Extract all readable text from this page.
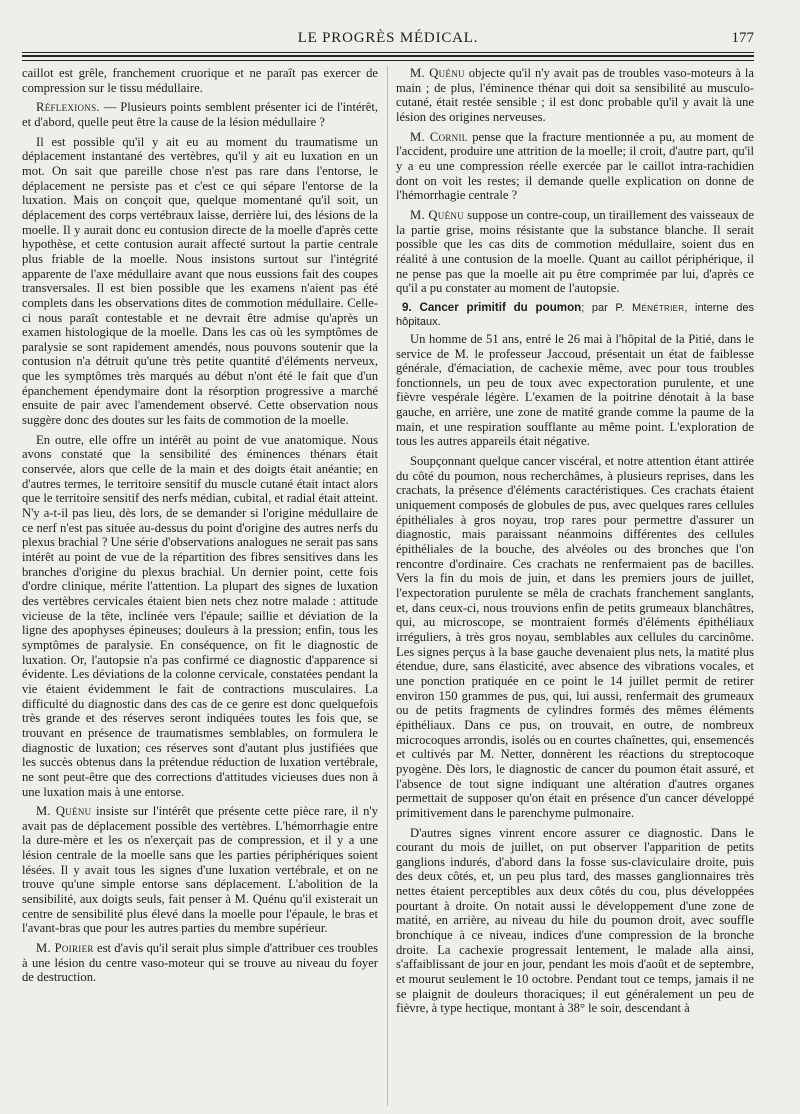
LE PROGRÈS MÉDICAL.	177

caillot est grêle, franchement cruorique et ne paraît pas exercer de compression sur le tissu médullaire.

Réflexions. — Plusieurs points semblent présenter ici de l'intérêt, et d'abord, quelle peut être la cause de la lésion médullaire ?

Il est possible qu'il y ait eu au moment du traumatisme un déplacement instantané des vertèbres, qu'il y ait eu luxation en un mot. On sait que pareille chose n'est pas rare dans l'entorse, le déplacement ne persiste pas et c'est ce qui sépare l'entorse de la luxation. Mais on conçoit que, quelque momentané qu'il soit, un déplacement des corps vertébraux laisse, derrière lui, des lésions de la moelle. Il y aurait donc eu contusion directe de la moelle d'après cette hypothèse, et cette contusion aurait affecté surtout la partie centrale plus friable de la moelle. Nous insistons surtout sur l'intégrité apparente de l'axe médullaire avant que nous eussions fait des coupes transversales. Il est bien possible que les examens n'aient pas été complets dans les observations dites de commotion médullaire. Celle-ci nous paraît contestable et ne devrait être admise qu'après un examen histologique de la moelle. Dans les cas où les symptômes de paralysie se sont rapidement amendés, nous pouvons soutenir que la contusion n'a détruit qu'une très petite quantité d'éléments nerveux, que les symptômes très marqués au début n'ont été le fait que d'un épanchement épendymaire dont la résorption progressive a marché ensuite de pair avec l'amendement observé. Cette observation nous suggère donc des doutes sur les faits de commotion de la moelle.

En outre, elle offre un intérêt au point de vue anatomique. Nous avons constaté que la sensibilité des éminences thénars était conservée, alors que celle de la main et des doigts était anéantie; en d'autres termes, le territoire sensitif du muscle cutané était intact alors que le territoire sensitif des nerfs médian, cubital, et radial était atteint. N'y a-t-il pas lieu, dès lors, de se demander si l'origine médullaire de ce nerf n'est pas située au-dessus du point d'origine des autres nerfs du plexus brachial ? Une série d'observations analogues ne serait pas sans intérêt au point de vue de la répartition des fibres sensitives dans les branches d'origine du plexus brachial. Un dernier point, cette fois d'ordre clinique, mérite l'attention. La plupart des signes de luxation des vertèbres cervicales étaient bien nets chez notre malade : attitude vicieuse de la tête, inclinée vers l'épaule; saillie et déviation de la ligne des apophyses épineuses; douleurs à la pression; enfin, tous les symptômes de paralysie. En conséquence, on fit le diagnostic de luxation. Or, l'autopsie n'a pas confirmé ce diagnostic d'apparence si évidente. Les déviations de la colonne cervicale, constatées pendant la vie étaient évidemment le fait de contractions musculaires. La difficulté du diagnostic dans des cas de ce genre est donc quelquefois très grande et des réserves seront indiquées toutes les fois que, se trouvant en présence de traumatismes semblables, on formulera le diagnostic de luxation; ces réserves sont d'autant plus justifiées que les succès obtenus dans la prétendue réduction de luxation vertébrale, ne sont peut-être que des corrections d'attitudes vicieuses dues non à une luxation mais à une entorse.

M. Quénu insiste sur l'intérêt que présente cette pièce rare, il n'y avait pas de déplacement possible des vertèbres. L'hémorrhagie entre la dure-mère et les os n'exerçait pas de compression, et il y a une lésion centrale de la moelle sans que les parties périphériques soient lésées. Il y avait tous les signes d'une luxation vertébrale, et on ne trouve qu'une simple entorse sans déplacement. L'abolition de la sensibilité, aux doigts seuls, fait penser à M. Quénu qu'il existerait un centre de sensibilité plus élevé dans la moelle pour l'épaule, le bras et l'avant-bras que pour les autres parties du membre supérieur.

M. Poirier est d'avis qu'il serait plus simple d'attribuer ces troubles à une lésion du centre vaso-moteur qui se trouve au niveau du foyer de destruction.

M. Quénu objecte qu'il n'y avait pas de troubles vaso-moteurs à la main ; de plus, l'éminence thénar qui doit sa sensibilité au musculo-cutané, était restée sensible ; il est donc probable qu'il y avait là une lésion des origines nerveuses.

M. Cornil pense que la fracture mentionnée a pu, au moment de l'accident, produire une attrition de la moelle; il croit, d'autre part, qu'il y a eu une compression réelle exercée par le caillot intra-rachidien dont on voit les restes; il demande quelle explication on donne de l'hémorrhagie centrale ?

M. Quénu suppose un contre-coup, un tiraillement des vaisseaux de la partie grise, moins résistante que la substance blanche. Il serait possible que les cas dits de commotion médullaire, soient dus en réalité à une contusion de la moelle. Quant au caillot périphérique, il ne pense pas que la moelle ait pu être comprimée par lui, d'après ce qu'il a pu constater au moment de l'autopsie.

9. Cancer primitif du poumon; par P. Ménétrier, interne des hôpitaux.

Un homme de 51 ans, entré le 26 mai à l'hôpital de la Pitié, dans le service de M. le professeur Jaccoud, présentait un état de faiblesse générale, d'émaciation, de cachexie même, avec pour tous troubles fonctionnels, un peu de toux avec expectoration purulente, et une fièvre vespérale légère. L'examen de la poitrine dénotait à la base gauche, en arrière, une zone de matité grande comme la paume de la main, et une respiration soufflante au même point. L'exploration de tous les autres appareils était négative.

Soupçonnant quelque cancer viscéral, et notre attention étant attirée du côté du poumon, nous recherchâmes, à plusieurs reprises, dans les crachats, la présence d'éléments caractéristiques. Ces crachats étaient uniquement composés de globules de pus, avec quelques rares cellules épithéliales à gros noyau, trop rares pour permettre d'assurer un diagnostic, mais paraissant néanmoins différentes des cellules épithéliales de la bouche, des alvéoles ou des bronches que l'on rencontre d'ordinaire. Ces crachats ne renfermaient pas de bacilles. Vers la fin du mois de juin, et dans les premiers jours de juillet, l'expectoration purulente se mêla de crachats franchement sanglants, et, dans ceux-ci, nous trouvions enfin de petits grumeaux blanchâtres, qui, au microscope, se montraient formés d'éléments épithéliaux irréguliers, à très gros noyau, semblables aux cellules du carcinôme. Les signes perçus à la base gauche devenaient plus nets, la matité plus étendue, dure, sans élasticité, avec absence des vibrations vocales, et une ponction pratiquée en ce point le 14 juillet permit de retirer environ 150 grammes de pus, qui, lui aussi, renfermait des grumeaux ou de petits fragments de cylindres formés des mêmes éléments épithéliaux. Dans ce pus, on trouvait, en outre, de nombreux microcoques arrondis, isolés ou en courtes chaînettes, qui, ensemencés et cultivés par M. Netter, donnèrent les réactions du streptocoque pyogène. Dès lors, le diagnostic de cancer du poumon était assuré, et l'absence de tout signe indiquant une altération d'autres organes permettait de supposer qu'on était en présence d'un cancer développé primitivement dans le parenchyme pulmonaire.

D'autres signes vinrent encore assurer ce diagnostic. Dans le courant du mois de juillet, on put observer l'apparition de petits ganglions indurés, d'abord dans la fosse sus-claviculaire droite, puis des deux côtés, et, un peu plus tard, des masses ganglionnaires très nettes étaient perceptibles aux deux côtés du cou, plus développées pourtant à droite. On notait aussi le développement d'une zone de matité, en arrière, au niveau du hile du poumon droit, avec souffle bronchique à ce niveau, indices d'une compression de la bronche droite. La cachexie progressait lentement, le malade alla ainsi, s'affaiblissant de jour en jour, pendant les mois d'août et de septembre, et mourut seulement le 10 octobre. Pendant tout ce temps, jamais il ne se plaignit de douleurs thoraciques; il eut généralement un peu de fièvre, à type hectique, montant à 38° le soir, descendant à
